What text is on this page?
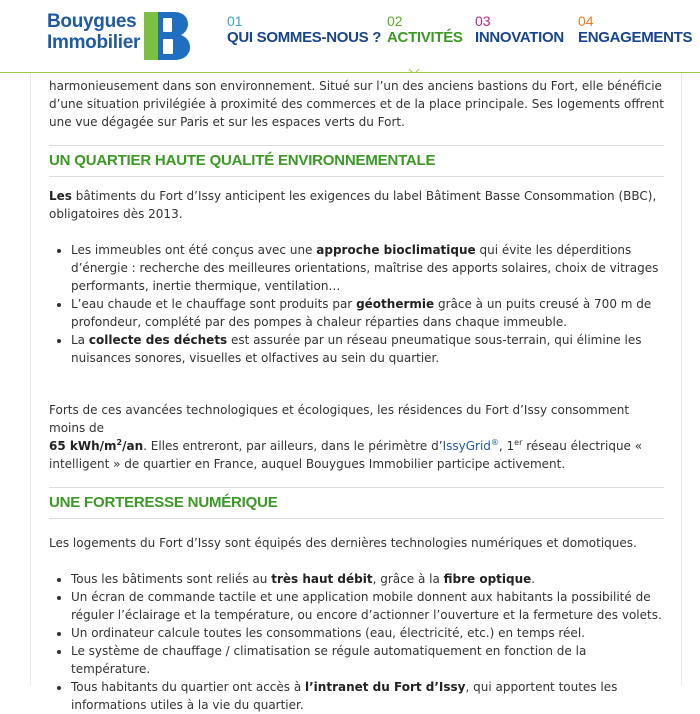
Bouygues
Immobilier
01
QUI SOMMES-NOUS ?
02
ACTIVITÉS
03
INNOVATION
04
ENGAGEMENTS

harmonieusement dans son environnement. Situé sur l’un des anciens bastions du Fort, elle bénéficie d’une situation privilégiée à proximité des commerces et de la place principale. Ses logements offrent une vue dégagée sur Paris et sur les espaces verts du Fort.

UN QUARTIER HAUTE QUALITÉ ENVIRONNEMENTALE

Les bâtiments du Fort d’Issy anticipent les exigences du label Bâtiment Basse Consommation (BBC), obligatoires dès 2013.

• Les immeubles ont été conçus avec une approche bioclimatique qui évite les déperditions d’énergie : recherche des meilleures orientations, maîtrise des apports solaires, choix de vitrages performants, inertie thermique, ventilation…
• L’eau chaude et le chauffage sont produits par géothermie grâce à un puits creusé à 700 m de profondeur, complété par des pompes à chaleur réparties dans chaque immeuble.
• La collecte des déchets est assurée par un réseau pneumatique sous-terrain, qui élimine les nuisances sonores, visuelles et olfactives au sein du quartier.

Forts de ces avancées technologiques et écologiques, les résidences du Fort d’Issy consomment moins de
65 kWh/$m^2/an$. Elles entreront, par ailleurs, dans le périmètre d’IssyGrid®, 1er réseau électrique « intelligent » de quartier en France, auquel Bouygues Immobilier participe activement.

UNE FORTERESSE NUMÉRIQUE

Les logements du Fort d’Issy sont équipés des dernières technologies numériques et domotiques.

• Tous les bâtiments sont reliés au très haut débit, grâce à la fibre optique.
• Un écran de commande tactile et une application mobile donnent aux habitants la possibilité de réguler l’éclairage et la température, ou encore d’actionner l’ouverture et la fermeture des volets.
• Un ordinateur calcule toutes les consommations (eau, électricité, etc.) en temps réel.
• Le système de chauffage / climatisation se régule automatiquement en fonction de la température.
• Tous habitants du quartier ont accès à l’intranet du Fort d’Issy, qui apportent toutes les informations utiles à la vie du quartier.
